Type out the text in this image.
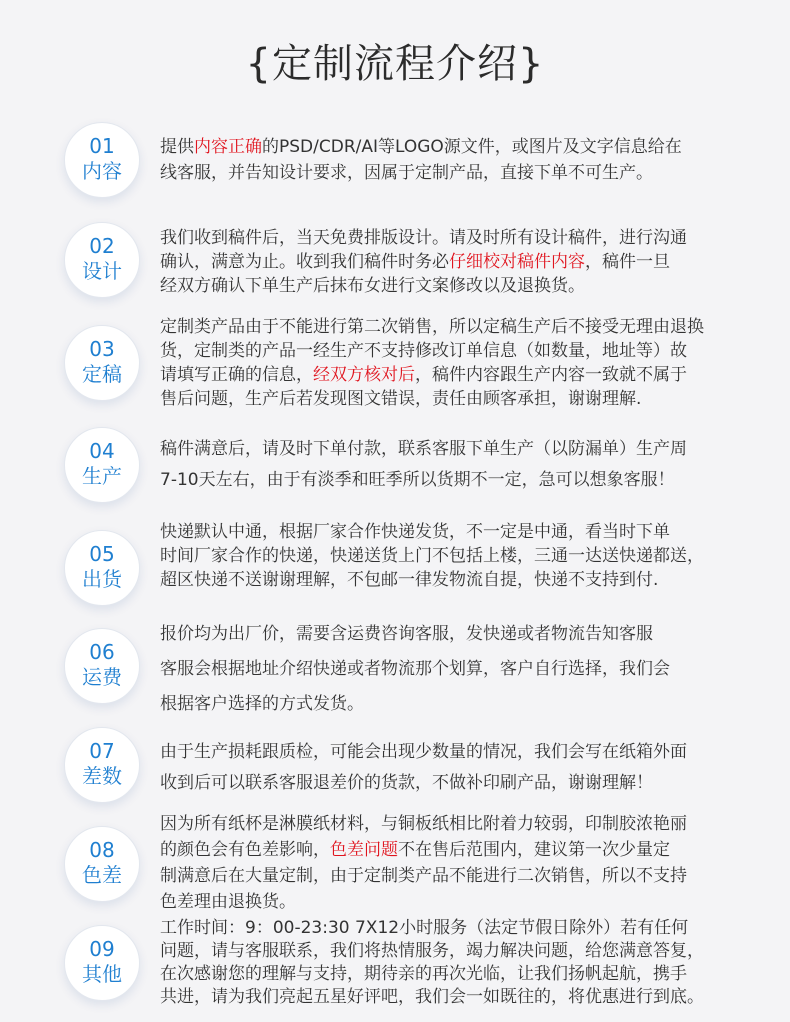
{定制流程介绍}
01
内容
提供内容正确的PSD/CDR/AI等LOGO源文件，或图片及文字信息给在
线客服，并告知设计要求，因属于定制产品，直接下单不可生产。
02
设计
我们收到稿件后，当天免费排版设计。请及时所有设计稿件，进行沟通
确认，满意为止。收到我们稿件时务必仔细校对稿件内容，稿件一旦
经双方确认下单生产后抹布女进行文案修改以及退换货。
03
定稿
定制类产品由于不能进行第二次销售，所以定稿生产后不接受无理由退换
货，定制类的产品一经生产不支持修改订单信息（如数量，地址等）故
请填写正确的信息，经双方核对后，稿件内容跟生产内容一致就不属于
售后问题，生产后若发现图文错误，责任由顾客承担，谢谢理解.
04
生产
稿件满意后，请及时下单付款，联系客服下单生产（以防漏单）生产周
7-10天左右，由于有淡季和旺季所以货期不一定，急可以想象客服！
05
出货
快递默认中通，根据厂家合作快递发货，不一定是中通，看当时下单
时间厂家合作的快递，快递送货上门不包括上楼，三通一达送快递都送，
超区快递不送谢谢理解，不包邮一律发物流自提，快递不支持到付.
06
运费
报价均为出厂价，需要含运费咨询客服，发快递或者物流告知客服
客服会根据地址介绍快递或者物流那个划算，客户自行选择，我们会
根据客户选择的方式发货。
07
差数
由于生产损耗跟质检，可能会出现少数量的情况，我们会写在纸箱外面
收到后可以联系客服退差价的货款，不做补印刷产品，谢谢理解！
08
色差
因为所有纸杯是淋膜纸材料，与铜板纸相比附着力较弱，印制胶浓艳丽
的颜色会有色差影响，色差问题不在售后范围内，建议第一次少量定
制满意后在大量定制，由于定制类产品不能进行二次销售，所以不支持
色差理由退换货。
09
其他
工作时间：9：00-23:30 7X12小时服务（法定节假日除外）若有任何
问题，请与客服联系，我们将热情服务，竭力解决问题，给您满意答复，
在次感谢您的理解与支持，期待亲的再次光临，让我们扬帆起航，携手
共进，请为我们亮起五星好评吧，我们会一如既往的，将优惠进行到底。
